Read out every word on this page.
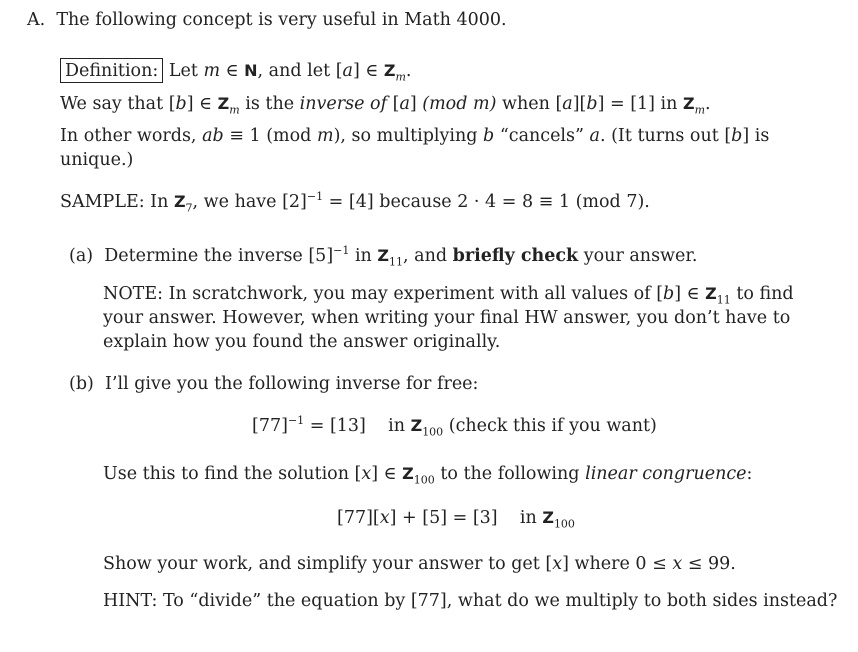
A. The following concept is very useful in Math 4000.
Definition: Let m ∈ N, and let [a] ∈ $Z_m$.
We say that [b] ∈ $Z_m$ is the inverse of [a] (mod m) when [a][b] = [1] in $Z_m$.
In other words, ab ≡ 1 (mod m), so multiplying b “cancels” a. (It turns out [b] is
unique.)
SAMPLE: In $Z_7$, we have $[2]^{-1} = [4]$ because 2 · 4 = 8 ≡ 1 (mod 7).
(a) Determine the inverse $[5]^{-1}$ in $Z_{11}$, and briefly check your answer.
NOTE: In scratchwork, you may experiment with all values of [b] ∈ $Z_{11}$ to find
your answer. However, when writing your final HW answer, you don’t have to
explain how you found the answer originally.
(b) I’ll give you the following inverse for free:
$[77]^{-1} = [13]$    in $Z_{100}$ (check this if you want)
Use this to find the solution [x] ∈ $Z_{100}$ to the following linear congruence:
[77][x] + [5] = [3]    in $Z_{100}$
Show your work, and simplify your answer to get [x] where 0 ≤ x ≤ 99.
HINT: To “divide” the equation by [77], what do we multiply to both sides instead?
